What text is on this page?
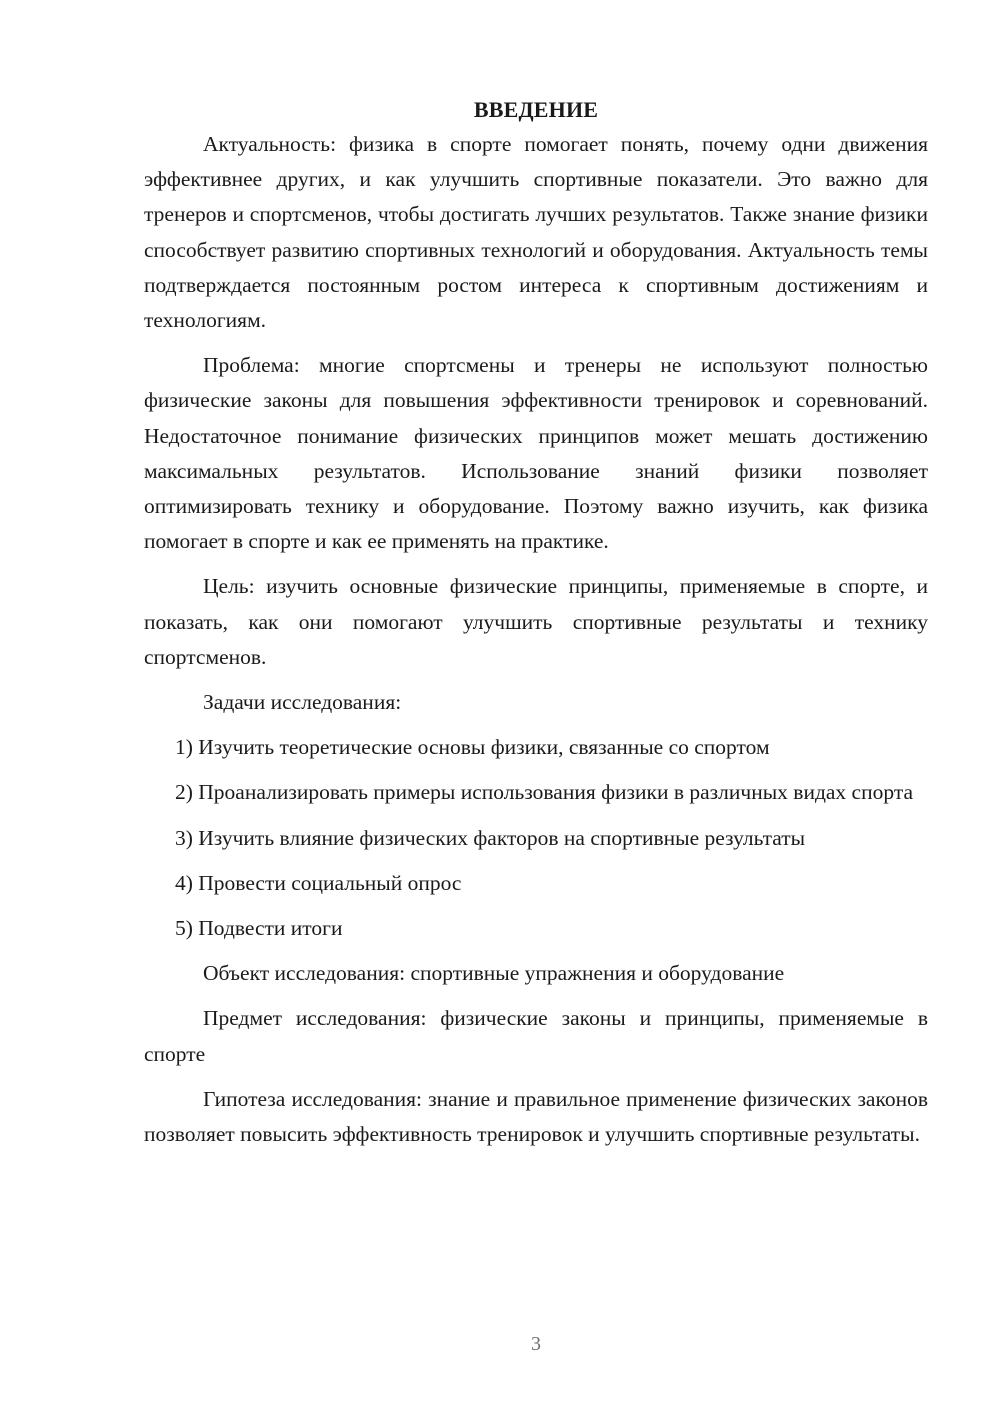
ВВЕДЕНИЕ

Актуальность: физика в спорте помогает понять, почему одни движения эффективнее других, и как улучшить спортивные показатели. Это важно для тренеров и спортсменов, чтобы достигать лучших результатов. Также знание физики способствует развитию спортивных технологий и оборудования. Актуальность темы подтверждается постоянным ростом интереса к спортивным достижениям и технологиям.

Проблема: многие спортсмены и тренеры не используют полностью физические законы для повышения эффективности тренировок и соревнований. Недостаточное понимание физических принципов может мешать достижению максимальных результатов. Использование знаний физики позволяет оптимизировать технику и оборудование. Поэтому важно изучить, как физика помогает в спорте и как ее применять на практике.

Цель: изучить основные физические принципы, применяемые в спорте, и показать, как они помогают улучшить спортивные результаты и технику спортсменов.

Задачи исследования:

1) Изучить теоретические основы физики, связанные со спортом

2) Проанализировать примеры использования физики в различных видах спорта

3) Изучить влияние физических факторов на спортивные результаты

4) Провести социальный опрос

5) Подвести итоги

Объект исследования: спортивные упражнения и оборудование

Предмет исследования: физические законы и принципы, применяемые в спорте

Гипотеза исследования: знание и правильное применение физических законов позволяет повысить эффективность тренировок и улучшить спортивные результаты.

3
